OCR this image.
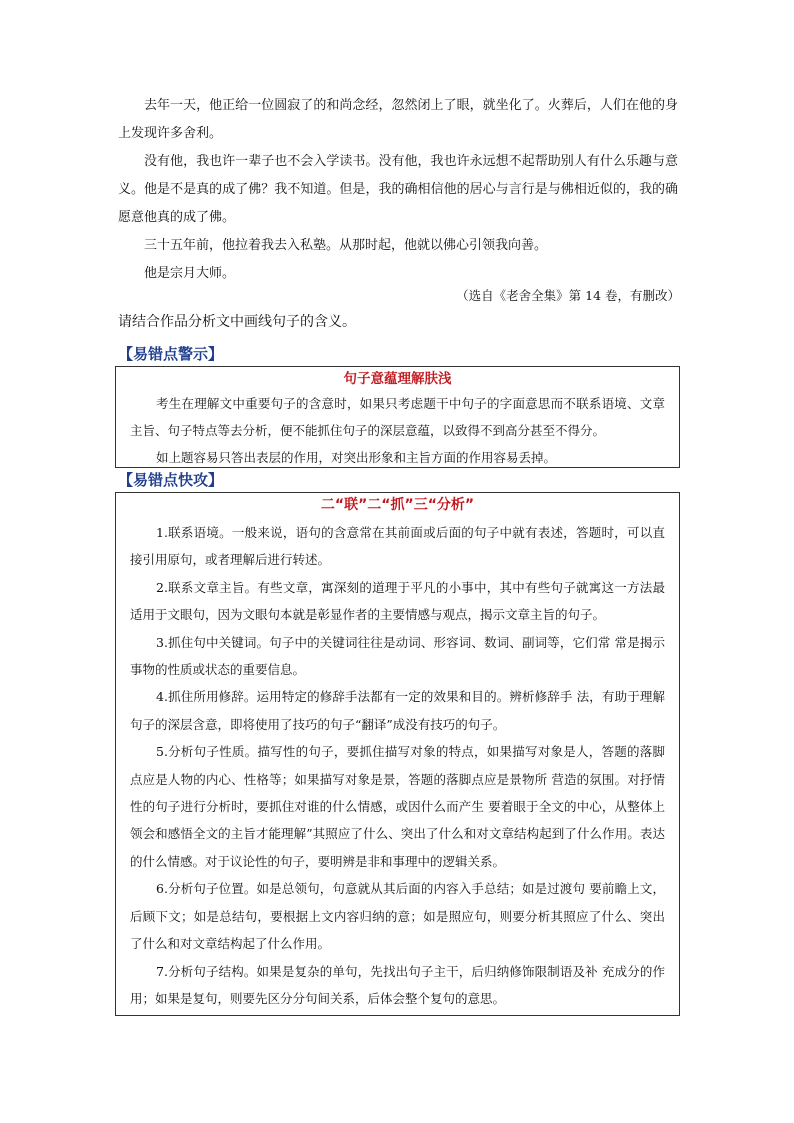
去年一天，他正给一位圆寂了的和尚念经，忽然闭上了眼，就坐化了。火葬后，人们在他的身上发现许多舍利。

没有他，我也许一辈子也不会入学读书。没有他，我也许永远想不起帮助别人有什么乐趣与意义。他是不是真的成了佛？我不知道。但是，我的确相信他的居心与言行是与佛相近似的，我的确愿意他真的成了佛。

三十五年前，他拉着我去入私塾。从那时起，他就以佛心引领我向善。

他是宗月大师。

（选自《老舍全集》第 14 卷，有删改）
请结合作品分析文中画线句子的含义。
【易错点警示】
句子意蕴理解肤浅

考生在理解文中重要句子的含意时，如果只考虑题干中句子的字面意思而不联系语境、文章主旨、句子特点等去分析，便不能抓住句子的深层意蕴，以致得不到高分甚至不得分。

如上题容易只答出表层的作用，对突出形象和主旨方面的作用容易丢掉。

【易错点快攻】
二“联”二“抓”三“分析”

1.联系语境。一般来说，语句的含意常在其前面或后面的句子中就有表述，答题时，可以直接引用原句，或者理解后进行转述。

2.联系文章主旨。有些文章，寓深刻的道理于平凡的小事中，其中有些句子就寓这一方法最适用于文眼句，因为文眼句本就是彰显作者的主要情感与观点，揭示文章主旨的句子。

3.抓住句中关键词。句子中的关键词往往是动词、形容词、数词、副词等，它们常 常是揭示事物的性质或状态的重要信息。

4.抓住所用修辞。运用特定的修辞手法都有一定的效果和目的。辨析修辞手 法，有助于理解句子的深层含意，即将使用了技巧的句子“翻译”成没有技巧的句子。

5.分析句子性质。描写性的句子，要抓住描写对象的特点，如果描写对象是人，答题的落脚点应是人物的内心、性格等；如果描写对象是景，答题的落脚点应是景物所 营造的氛围。对抒情性的句子进行分析时，要抓住对谁的什么情感，或因什么而产生 要着眼于全文的中心，从整体上领会和感悟全文的主旨才能理解”其照应了什么、突出了什么和对文章结构起到了什么作用。表达的什么情感。对于议论性的句子，要明辨是非和事理中的逻辑关系。

6.分析句子位置。如是总领句，句意就从其后面的内容入手总结；如是过渡句 要前瞻上文，后顾下文；如是总结句，要根据上文内容归纳的意；如是照应句，则要分析其照应了什么、突出了什么和对文章结构起了什么作用。

7.分析句子结构。如果是复杂的单句，先找出句子主干，后归纳修饰限制语及补 充成分的作用；如果是复句，则要先区分分句间关系，后体会整个复句的意思。
